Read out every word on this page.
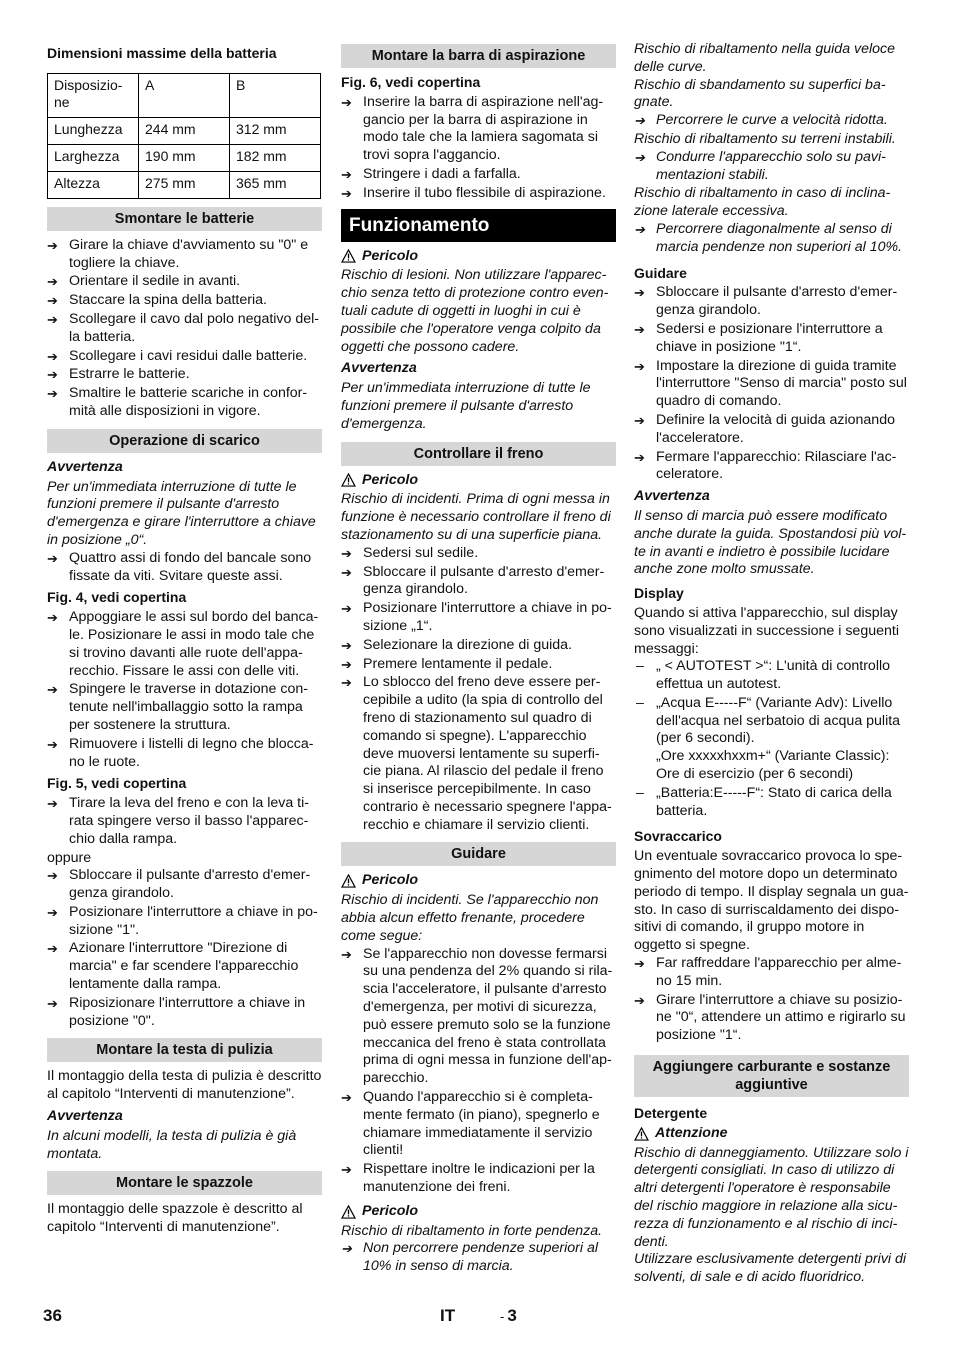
Dimensioni massime della batteria
Disposizio-ne	A	B
Lunghezza	244 mm	312 mm
Larghezza	190 mm	182 mm
Altezza	275 mm	365 mm
Smontare le batterie
➔ Girare la chiave d'avviamento su "0" e togliere la chiave.
➔ Orientare il sedile in avanti.
➔ Staccare la spina della batteria.
➔ Scollegare il cavo dal polo negativo del-la batteria.
➔ Scollegare i cavi residui dalle batterie.
➔ Estrarre le batterie.
➔ Smaltire le batterie scariche in confor-mità alle disposizioni in vigore.
Operazione di scarico
Avvertenza
Per un'immediata interruzione di tutte le funzioni premere il pulsante d'arresto d'emergenza e girare l'interruttore a chiave in posizione „0“.
➔ Quattro assi di fondo del bancale sono fissate da viti. Svitare queste assi.
Fig. 4, vedi copertina
➔ Appoggiare le assi sul bordo del banca-le. Posizionare le assi in modo tale che si trovino davanti alle ruote dell'appa-recchio. Fissare le assi con delle viti.
➔ Spingere le traverse in dotazione con-tenute nell'imballaggio sotto la rampa per sostenere la struttura.
➔ Rimuovere i listelli di legno che blocca-no le ruote.
Fig. 5, vedi copertina
➔ Tirare la leva del freno e con la leva ti-rata spingere verso il basso l'apparec-chio dalla rampa.
oppure
➔ Sbloccare il pulsante d'arresto d'emer-genza girandolo.
➔ Posizionare l'interruttore a chiave in po-sizione "1".
➔ Azionare l'interruttore "Direzione di marcia" e far scendere l'apparecchio lentamente dalla rampa.
➔ Riposizionare l'interruttore a chiave in posizione "0".
Montare la testa di pulizia
Il montaggio della testa di pulizia è descritto al capitolo “Interventi di manutenzione”.
Avvertenza
In alcuni modelli, la testa di pulizia è già montata.
Montare le spazzole
Il montaggio delle spazzole è descritto al capitolo “Interventi di manutenzione”.
Montare la barra di aspirazione
Fig. 6, vedi copertina
➔ Inserire la barra di aspirazione nell'ag-gancio per la barra di aspirazione in modo tale che la lamiera sagomata si trovi sopra l'aggancio.
➔ Stringere i dadi a farfalla.
➔ Inserire il tubo flessibile di aspirazione.
Funzionamento
Pericolo
Rischio di lesioni. Non utilizzare l'apparec-chio senza tetto di protezione contro even-tuali cadute di oggetti in luoghi in cui è possibile che l'operatore venga colpito da oggetti che possono cadere.
Avvertenza
Per un'immediata interruzione di tutte le funzioni premere il pulsante d'arresto d'emergenza.
Controllare il freno
Pericolo
Rischio di incidenti. Prima di ogni messa in funzione è necessario controllare il freno di stazionamento su di una superficie piana.
➔ Sedersi sul sedile.
➔ Sbloccare il pulsante d'arresto d'emer-genza girandolo.
➔ Posizionare l'interruttore a chiave in po-sizione „1“.
➔ Selezionare la direzione di guida.
➔ Premere lentamente il pedale.
➔ Lo sblocco del freno deve essere per-cepibile a udito (la spia di controllo del freno di stazionamento sul quadro di comando si spegne). L'apparecchio deve muoversi lentamente su superfi-cie piana. Al rilascio del pedale il freno si inserisce percepibilmente. In caso contrario è necessario spegnere l'appa-recchio e chiamare il servizio clienti.
Guidare
Pericolo
Rischio di incidenti. Se l'apparecchio non abbia alcun effetto frenante, procedere come segue:
➔ Se l'apparecchio non dovesse fermarsi su una pendenza del 2% quando si rila-scia l'acceleratore, il pulsante d'arresto d'emergenza, per motivi di sicurezza, può essere premuto solo se la funzione meccanica del freno è stata controllata prima di ogni messa in funzione dell'ap-parecchio.
➔ Quando l'apparecchio si è completa-mente fermato (in piano), spegnerlo e chiamare immediatamente il servizio clienti!
➔ Rispettare inoltre le indicazioni per la manutenzione dei freni.
Pericolo
Rischio di ribaltamento in forte pendenza.
➔ Non percorrere pendenze superiori al 10% in senso di marcia.
Rischio di ribaltamento nella guida veloce delle curve.
Rischio di sbandamento su superfici ba-gnate.
➔ Percorrere le curve a velocità ridotta.
Rischio di ribaltamento su terreni instabili.
➔ Condurre l'apparecchio solo su pavi-mentazioni stabili.
Rischio di ribaltamento in caso di inclina-zione laterale eccessiva.
➔ Percorrere diagonalmente al senso di marcia pendenze non superiori al 10%.
Guidare
➔ Sbloccare il pulsante d'arresto d'emer-genza girandolo.
➔ Sedersi e posizionare l'interruttore a chiave in posizione "1“.
➔ Impostare la direzione di guida tramite l'interruttore "Senso di marcia" posto sul quadro di comando.
➔ Definire la velocità di guida azionando l'acceleratore.
➔ Fermare l'apparecchio: Rilasciare l'ac-celeratore.
Avvertenza
Il senso di marcia può essere modificato anche durate la guida. Spostandosi più vol-te in avanti e indietro è possibile lucidare anche zone molto smussate.
Display
Quando si attiva l'apparecchio, sul display sono visualizzati in successione i seguenti messaggi:
– „ < AUTOTEST >“: L'unità di controllo effettua un autotest.
– „Acqua E-----F“ (Variante Adv): Livello dell'acqua nel serbatoio di acqua pulita (per 6 secondi).
„Ore xxxxxhxxm+“ (Variante Classic): Ore di esercizio (per 6 secondi)
– „Batteria:E-----F“: Stato di carica della batteria.
Sovraccarico
Un eventuale sovraccarico provoca lo spe-gnimento del motore dopo un determinato periodo di tempo. Il display segnala un gua-sto. In caso di surriscaldamento dei dispo-sitivi di comando, il gruppo motore in oggetto si spegne.
➔ Far raffreddare l'apparecchio per alme-no 15 min.
➔ Girare l'interruttore a chiave su posizio-ne "0“, attendere un attimo e rigirarlo su posizione "1“.
Aggiungere carburante e sostanze aggiuntive
Detergente
Attenzione
Rischio di danneggiamento. Utilizzare solo i detergenti consigliati. In caso di utilizzo di altri detergenti l'operatore è responsabile del rischio maggiore in relazione alla sicu-rezza di funzionamento e al rischio di inci-denti.
Utilizzare esclusivamente detergenti privi di solventi, di sale e di acido fluoridrico.
36	IT	- 3
